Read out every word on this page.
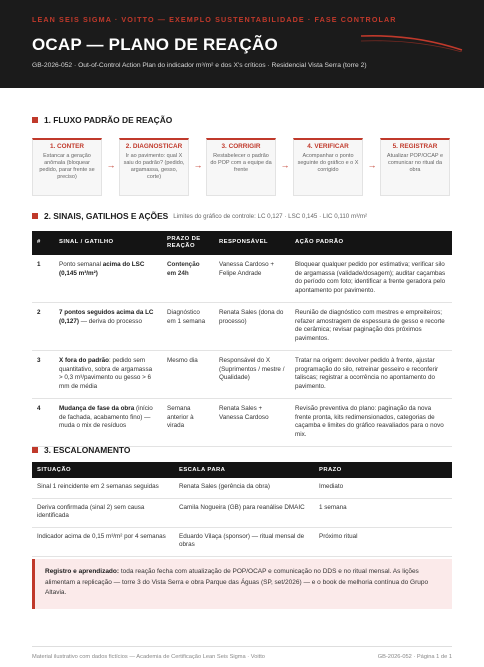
LEAN SEIS SIGMA · VOITTO — EXEMPLO SUSTENTABILIDADE · FASE CONTROLAR
OCAP — PLANO DE REAÇÃO
GB-2026-052 · Out-of-Control Action Plan do indicador m³/m² e dos X's críticos · Residencial Vista Serra (torre 2)
1. FLUXO PADRÃO DE REAÇÃO
1. CONTER
Estancar a geração anômala (bloquear pedido, parar frente se preciso)
→
2. DIAGNOSTICAR
Ir ao pavimento: qual X saiu do padrão? (pedido, argamassa, gesso, corte)
→
3. CORRIGIR
Restabelecer o padrão do POP com a equipe da frente	→
4. VERIFICAR
Acompanhar o ponto seguinte do gráfico e o X corrigido	→
5. REGISTRAR
Atualizar POP/OCAP e comunicar no ritual da obra
2. SINAIS, GATILHOS E AÇÕES Limites do gráfico de controle: LC 0,127 · LSC 0,145 · LIC 0,110 m³/m²
#	SINAL / GATILHO	PRAZO DE REAÇÃO	RESPONSÁVEL	AÇÃO PADRÃO
1	Ponto semanal acima do LSC (0,145 m³/m²)	Contenção em 24h	Vanessa Cardoso + Felipe Andrade	Bloquear qualquer pedido por estimativa; verificar silo de argamassa (validade/dosagem); auditar caçambas do período com foto; identificar a frente geradora pelo apontamento por pavimento.
2	7 pontos seguidos acima da LC (0,127) — deriva do processo	Diagnóstico em 1 semana	Renata Sales (dona do processo)	Reunião de diagnóstico com mestres e empreiteiros; refazer amostragem de espessura de gesso e recorte de cerâmica; revisar paginação dos próximos pavimentos.
3	X fora do padrão: pedido sem quantitativo, sobra de argamassa > 0,3 m³/pavimento ou gesso > 6 mm de média	Mesmo dia	Responsável do X (Suprimentos / mestre / Qualidade)	Tratar na origem: devolver pedido à frente, ajustar programação do silo, retreinar gesseiro e reconferir taliscas; registrar a ocorrência no apontamento do pavimento.
4	Mudança de fase da obra (início de fachada, acabamento fino) — muda o mix de resíduos	Semana anterior à virada	Renata Sales + Vanessa Cardoso	Revisão preventiva do plano: paginação da nova frente pronta, kits redimensionados, categorias de caçamba e limites do gráfico reavaliados para o novo mix.
3. ESCALONAMENTO
SITUAÇÃO	ESCALA PARA	PRAZO
Sinal 1 reincidente em 2 semanas seguidas	Renata Sales (gerência da obra)	Imediato
Deriva confirmada (sinal 2) sem causa identificada	Camila Nogueira (GB) para reanálise DMAIC	1 semana
Indicador acima de 0,15 m³/m² por 4 semanas	Eduardo Vilaça (sponsor) — ritual mensal de obras	Próximo ritual
Registro e aprendizado: toda reação fecha com atualização de POP/OCAP e comunicação no DDS e no ritual mensal. As lições alimentam a replicação — torre 3 do Vista Serra e obra Parque das Águas (SP, set/2026) — e o book de melhoria contínua do Grupo Altavia.
Material ilustrativo com dados fictícios — Academia de Certificação Lean Seis Sigma · Voitto	GB-2026-052 · Página 1 de 1
